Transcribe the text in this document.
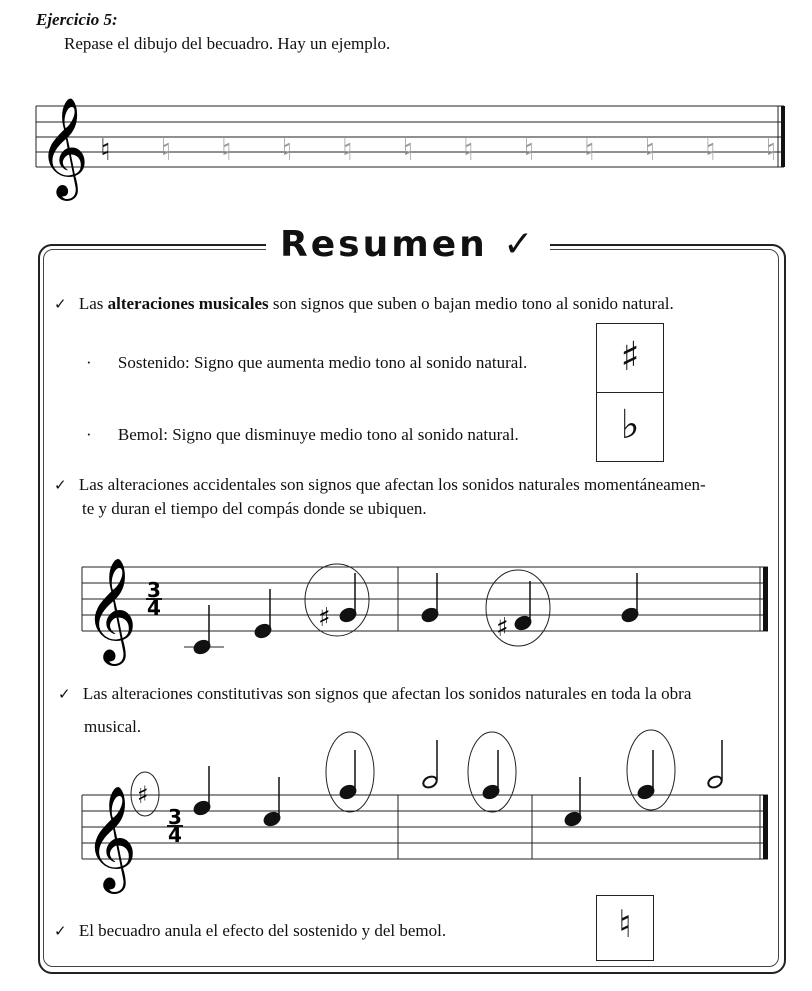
Ejercicio 5:
Repase el dibujo del becuadro. Hay un ejemplo.
𝄞 ♮ ♮ ♮ ♮ ♮ ♮ ♮ ♮ ♮ ♮ ♮ ♮
Resumen ✓
✓ Las alteraciones musicales son signos que suben o bajan medio tono al sonido natural.
· Sostenido: Signo que aumenta medio tono al sonido natural.
· Bemol: Signo que disminuye medio tono al sonido natural.
♯
♭
✓ Las alteraciones accidentales son signos que afectan los sonidos naturales momentáneamen-
te y duran el tiempo del compás donde se ubiquen.
𝄞 3
4	♯	♯
✓ Las alteraciones constitutivas son signos que afectan los sonidos naturales en toda la obra
musical.
𝄞 ♯
3
4
✓ El becuadro anula el efecto del sostenido y del bemol.	♮
